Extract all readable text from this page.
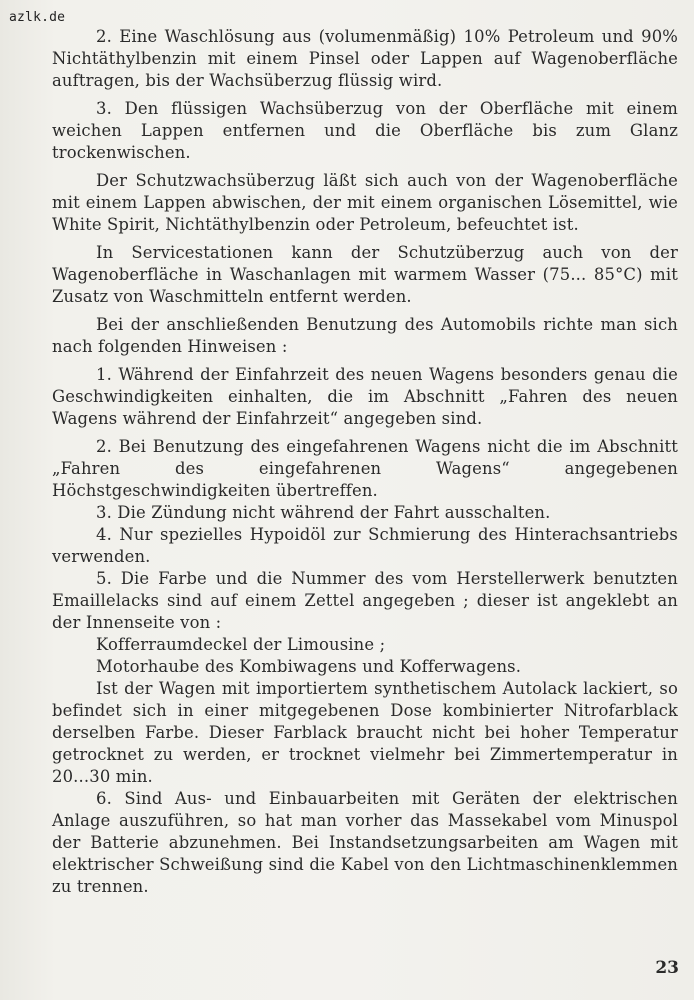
azlk.de

2. Eine Waschlösung aus (volumenmäßig) 10% Petroleum und 90% Nichtäthylbenzin mit einem Pinsel oder Lappen auf Wagenoberfläche auftragen, bis der Wachsüberzug flüssig wird.

3. Den flüssigen Wachsüberzug von der Oberfläche mit einem weichen Lappen entfernen und die Oberfläche bis zum Glanz trockenwischen.

Der Schutzwachsüberzug läßt sich auch von der Wagenoberfläche mit einem Lappen abwischen, der mit einem organischen Lösemittel, wie White Spirit, Nichtäthylbenzin oder Petroleum, befeuchtet ist.

In Servicestationen kann der Schutzüberzug auch von der Wagenoberfläche in Waschanlagen mit warmem Wasser (75... 85°C) mit Zusatz von Waschmitteln entfernt werden.

Bei der anschließenden Benutzung des Automobils richte man sich nach folgenden Hinweisen :

1. Während der Einfahrzeit des neuen Wagens besonders genau die Geschwindigkeiten einhalten, die im Abschnitt „Fahren des neuen Wagens während der Einfahrzeit“ angegeben sind.

2. Bei Benutzung des eingefahrenen Wagens nicht die im Abschnitt „Fahren des eingefahrenen Wagens“ angegebenen Höchstgeschwindigkeiten übertreffen.

3. Die Zündung nicht während der Fahrt ausschalten.

4. Nur spezielles Hypoidöl zur Schmierung des Hinterachsantriebs verwenden.

5. Die Farbe und die Nummer des vom Herstellerwerk benutzten Emaillelacks sind auf einem Zettel angegeben ; dieser ist angeklebt an der Innenseite von :

Kofferraumdeckel der Limousine ;

Motorhaube des Kombiwagens und Kofferwagens.

Ist der Wagen mit importiertem synthetischem Autolack lackiert, so befindet sich in einer mitgegebenen Dose kombinierter Nitrofarblack derselben Farbe. Dieser Farblack braucht nicht bei hoher Temperatur getrocknet zu werden, er trocknet vielmehr bei Zimmertemperatur in 20...30 min.

6. Sind Aus- und Einbauarbeiten mit Geräten der elektrischen Anlage auszuführen, so hat man vorher das Massekabel vom Minuspol der Batterie abzunehmen. Bei Instandsetzungsarbeiten am Wagen mit elektrischer Schweißung sind die Kabel von den Lichtmaschinenklemmen zu trennen.

23
